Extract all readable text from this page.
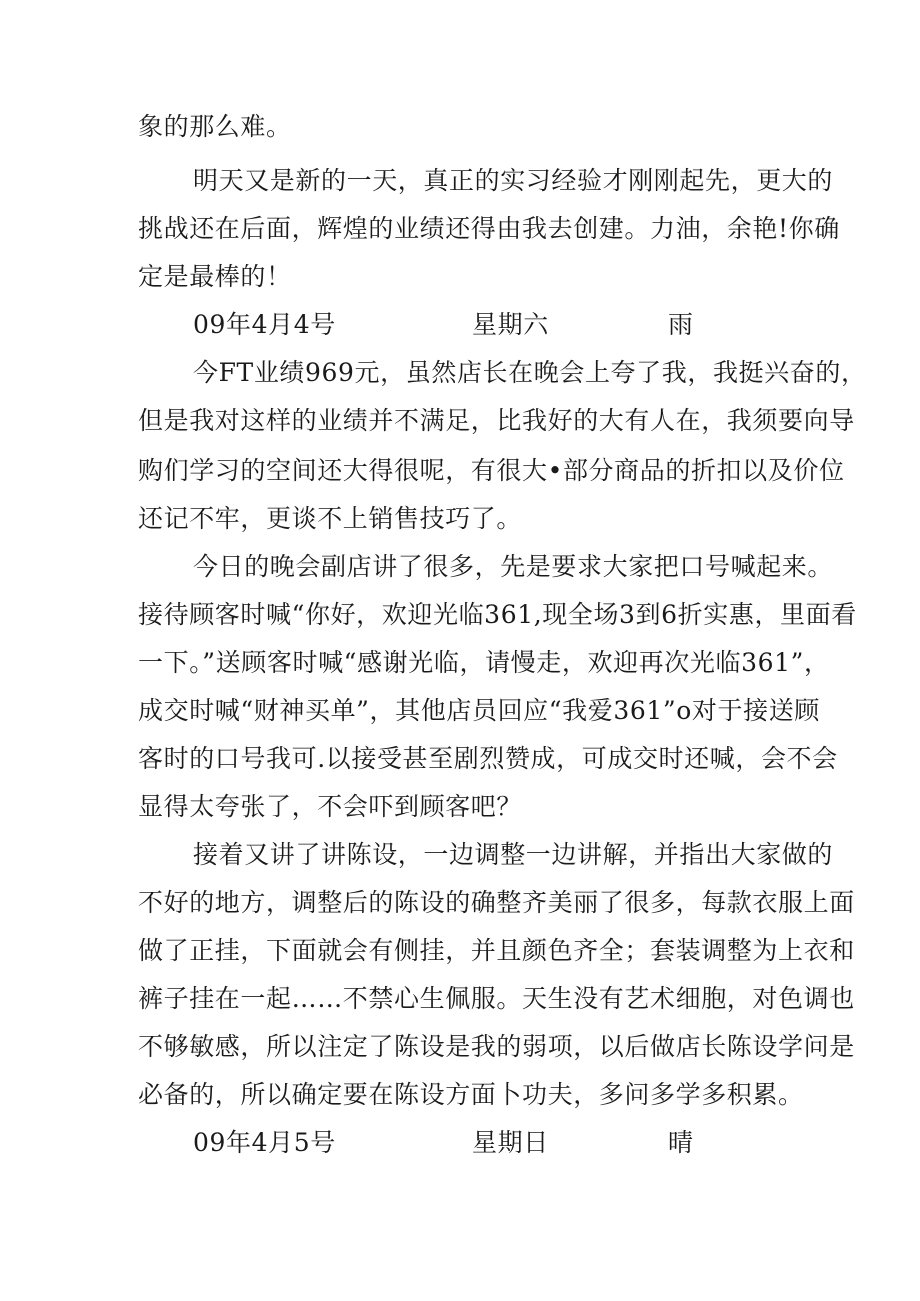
象的那么难。
明天又是新的一天，真正的实习经验才刚刚起先，更大的
挑战还在后面，辉煌的业绩还得由我去创建。力油，余艳!你确
定是最棒的！
09年4月4号	星期六	雨
今FT业绩969元，虽然店长在晚会上夸了我，我挺兴奋的，
但是我对这样的业绩并不满足，比我好的大有人在，我须要向导
购们学习的空间还大得很呢，有很大•部分商品的折扣以及价位
还记不牢，更谈不上销售技巧了。
今日的晚会副店讲了很多，先是要求大家把口号喊起来。
接待顾客时喊“你好，欢迎光临361,现全场3到6折实惠，里面看
一下。”送顾客时喊“感谢光临，请慢走，欢迎再次光临361”，
成交时喊“财神买单”，其他店员回应“我爱361”o对于接送顾
客时的口号我可.以接受甚至剧烈赞成，可成交时还喊，会不会
显得太夸张了，不会吓到顾客吧？
接着又讲了讲陈设，一边调整一边讲解，并指出大家做的
不好的地方，调整后的陈设的确整齐美丽了很多，每款衣服上面
做了正挂，下面就会有侧挂，并且颜色齐全；套装调整为上衣和
裤子挂在一起……不禁心生佩服。天生没有艺术细胞，对色调也
不够敏感，所以注定了陈设是我的弱项，以后做店长陈设学问是
必备的，所以确定要在陈设方面卜功夫，多问多学多积累。
09年4月5号	星期日	晴
